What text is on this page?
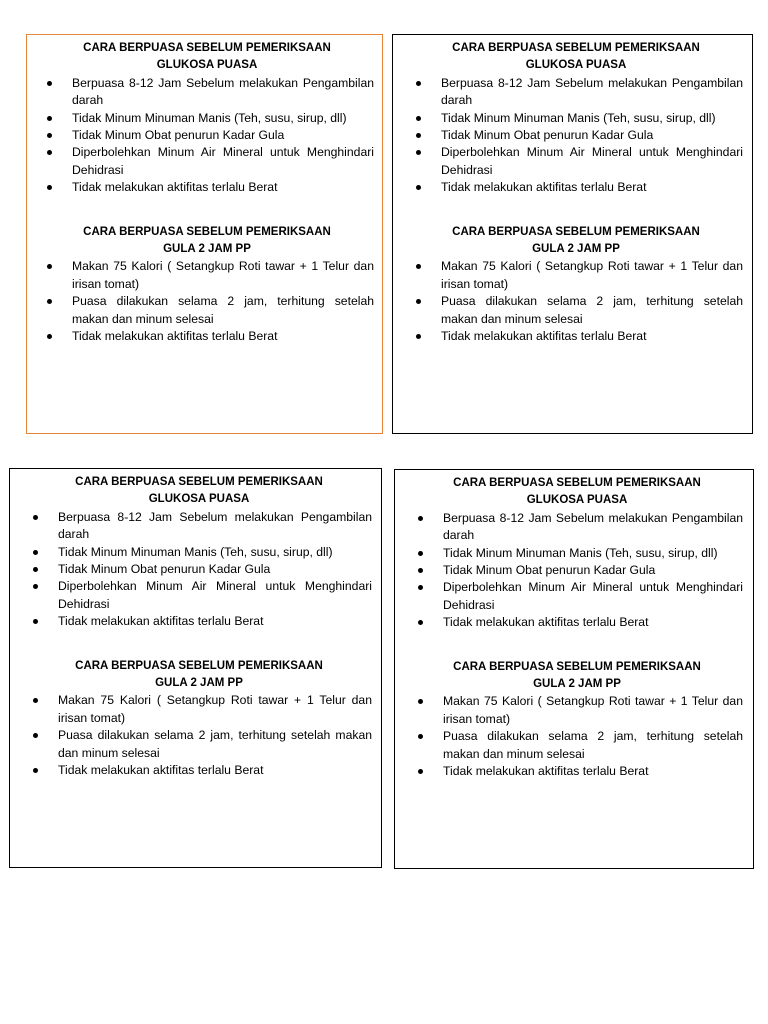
CARA BERPUASA SEBELUM PEMERIKSAAN
GLUKOSA PUASA
Berpuasa 8-12 Jam Sebelum melakukan Pengambilan darah
Tidak Minum Minuman Manis (Teh, susu, sirup, dll)
Tidak Minum Obat penurun Kadar Gula
Diperbolehkan Minum Air Mineral untuk Menghindari Dehidrasi
Tidak melakukan aktifitas terlalu Berat
CARA BERPUASA SEBELUM PEMERIKSAAN
GULA 2 JAM PP
Makan 75 Kalori ( Setangkup Roti tawar + 1 Telur dan irisan tomat)
Puasa dilakukan selama 2 jam, terhitung setelah makan dan minum selesai
Tidak melakukan aktifitas terlalu Berat
CARA BERPUASA SEBELUM PEMERIKSAAN
GLUKOSA PUASA
Berpuasa 8-12 Jam Sebelum melakukan Pengambilan darah
Tidak Minum Minuman Manis (Teh, susu, sirup, dll)
Tidak Minum Obat penurun Kadar Gula
Diperbolehkan Minum Air Mineral untuk Menghindari Dehidrasi
Tidak melakukan aktifitas terlalu Berat
CARA BERPUASA SEBELUM PEMERIKSAAN
GULA 2 JAM PP
Makan 75 Kalori ( Setangkup Roti tawar + 1 Telur dan irisan tomat)
Puasa dilakukan selama 2 jam, terhitung setelah makan dan minum selesai
Tidak melakukan aktifitas terlalu Berat
CARA BERPUASA SEBELUM PEMERIKSAAN
GLUKOSA PUASA
Berpuasa 8-12 Jam Sebelum melakukan Pengambilan darah
Tidak Minum Minuman Manis (Teh, susu, sirup, dll)
Tidak Minum Obat penurun Kadar Gula
Diperbolehkan Minum Air Mineral untuk Menghindari Dehidrasi
Tidak melakukan aktifitas terlalu Berat
CARA BERPUASA SEBELUM PEMERIKSAAN
GULA 2 JAM PP
Makan 75 Kalori ( Setangkup Roti tawar + 1 Telur dan irisan tomat)
Puasa dilakukan selama 2 jam, terhitung setelah makan dan minum selesai
Tidak melakukan aktifitas terlalu Berat
CARA BERPUASA SEBELUM PEMERIKSAAN
GLUKOSA PUASA
Berpuasa 8-12 Jam Sebelum melakukan Pengambilan darah
Tidak Minum Minuman Manis (Teh, susu, sirup, dll)
Tidak Minum Obat penurun Kadar Gula
Diperbolehkan Minum Air Mineral untuk Menghindari Dehidrasi
Tidak melakukan aktifitas terlalu Berat
CARA BERPUASA SEBELUM PEMERIKSAAN
GULA 2 JAM PP
Makan 75 Kalori ( Setangkup Roti tawar + 1 Telur dan irisan tomat)
Puasa dilakukan selama 2 jam, terhitung setelah makan dan minum selesai
Tidak melakukan aktifitas terlalu Berat
